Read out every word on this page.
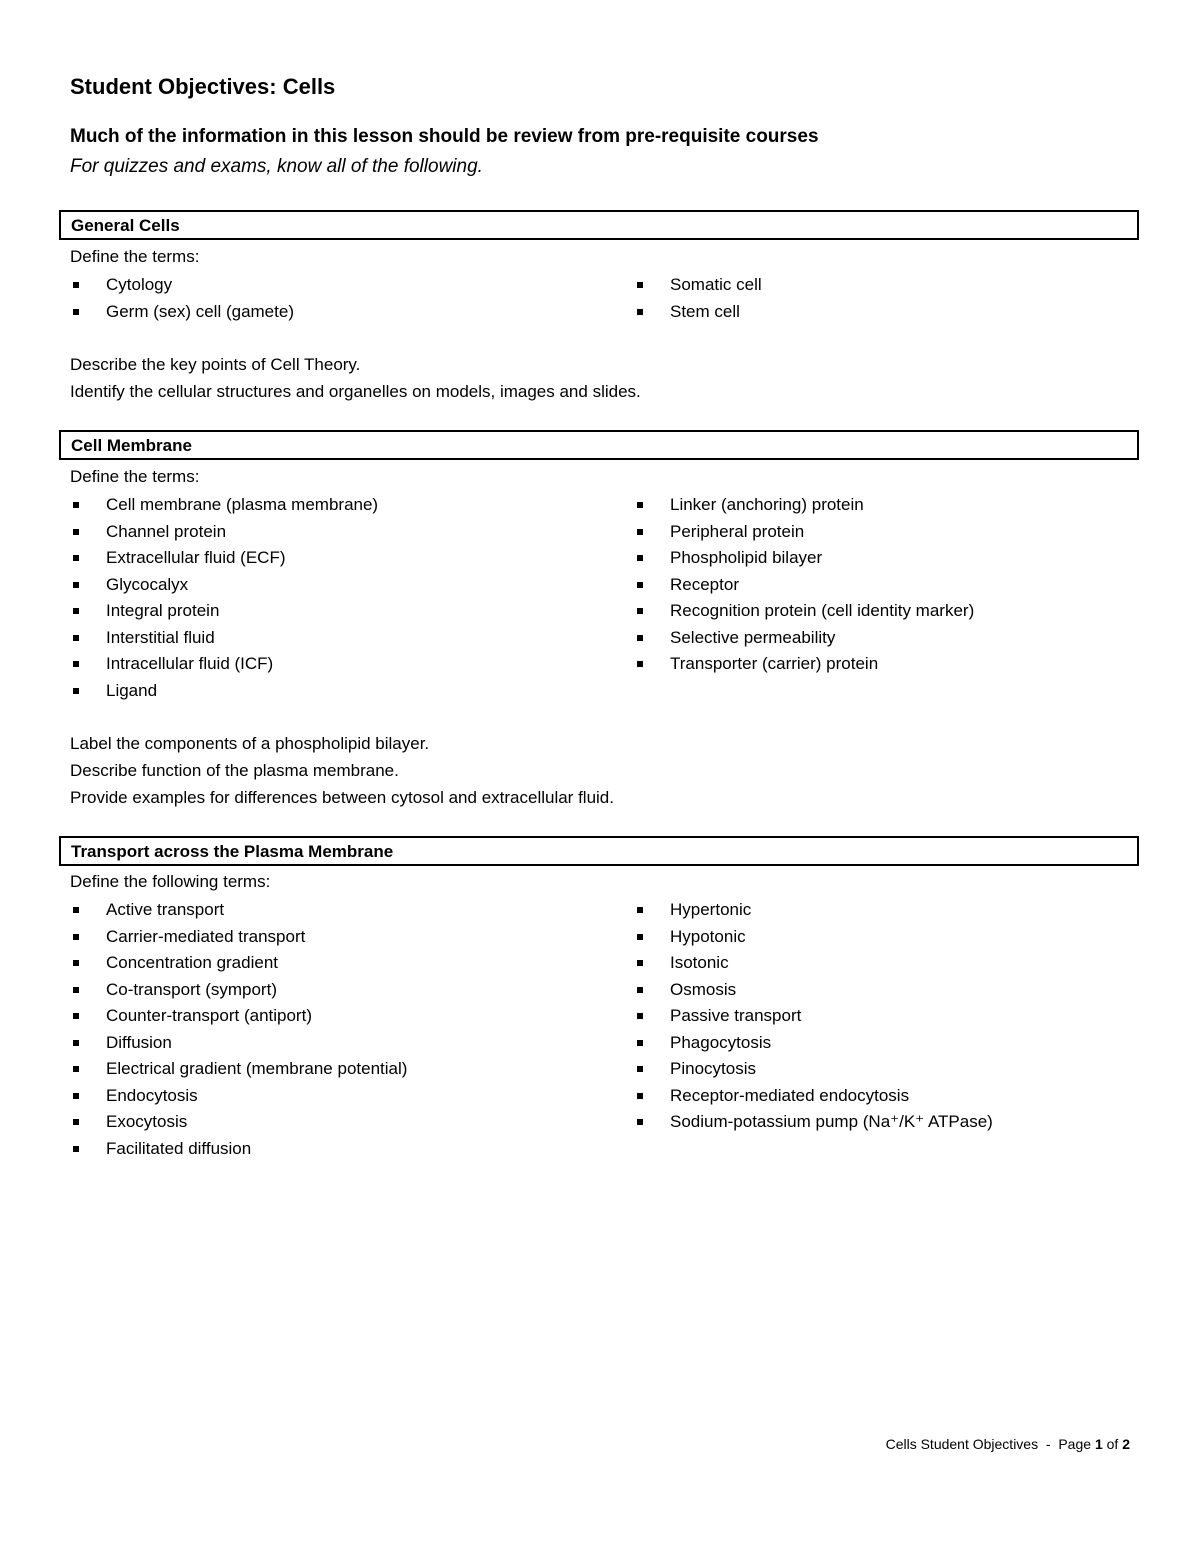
Student Objectives: Cells

Much of the information in this lesson should be review from pre-requisite courses

For quizzes and exams, know all of the following.

General Cells

Define the terms:

Cytology
Germ (sex) cell (gamete)
Somatic cell
Stem cell

Describe the key points of Cell Theory.

Identify the cellular structures and organelles on models, images and slides.

Cell Membrane

Define the terms:

Cell membrane (plasma membrane)
Channel protein
Extracellular fluid (ECF)
Glycocalyx
Integral protein
Interstitial fluid
Intracellular fluid (ICF)
Ligand
Linker (anchoring) protein
Peripheral protein
Phospholipid bilayer
Receptor
Recognition protein (cell identity marker)
Selective permeability
Transporter (carrier) protein

Label the components of a phospholipid bilayer.

Describe function of the plasma membrane.

Provide examples for differences between cytosol and extracellular fluid.

Transport across the Plasma Membrane

Define the following terms:

Active transport
Carrier-mediated transport
Concentration gradient
Co-transport (symport)
Counter-transport (antiport)
Diffusion
Electrical gradient (membrane potential)
Endocytosis
Exocytosis
Facilitated diffusion
Hypertonic
Hypotonic
Isotonic
Osmosis
Passive transport
Phagocytosis
Pinocytosis
Receptor-mediated endocytosis
Sodium-potassium pump (Na⁺/K⁺ ATPase)
Cells Student Objectives - Page 1 of 2
